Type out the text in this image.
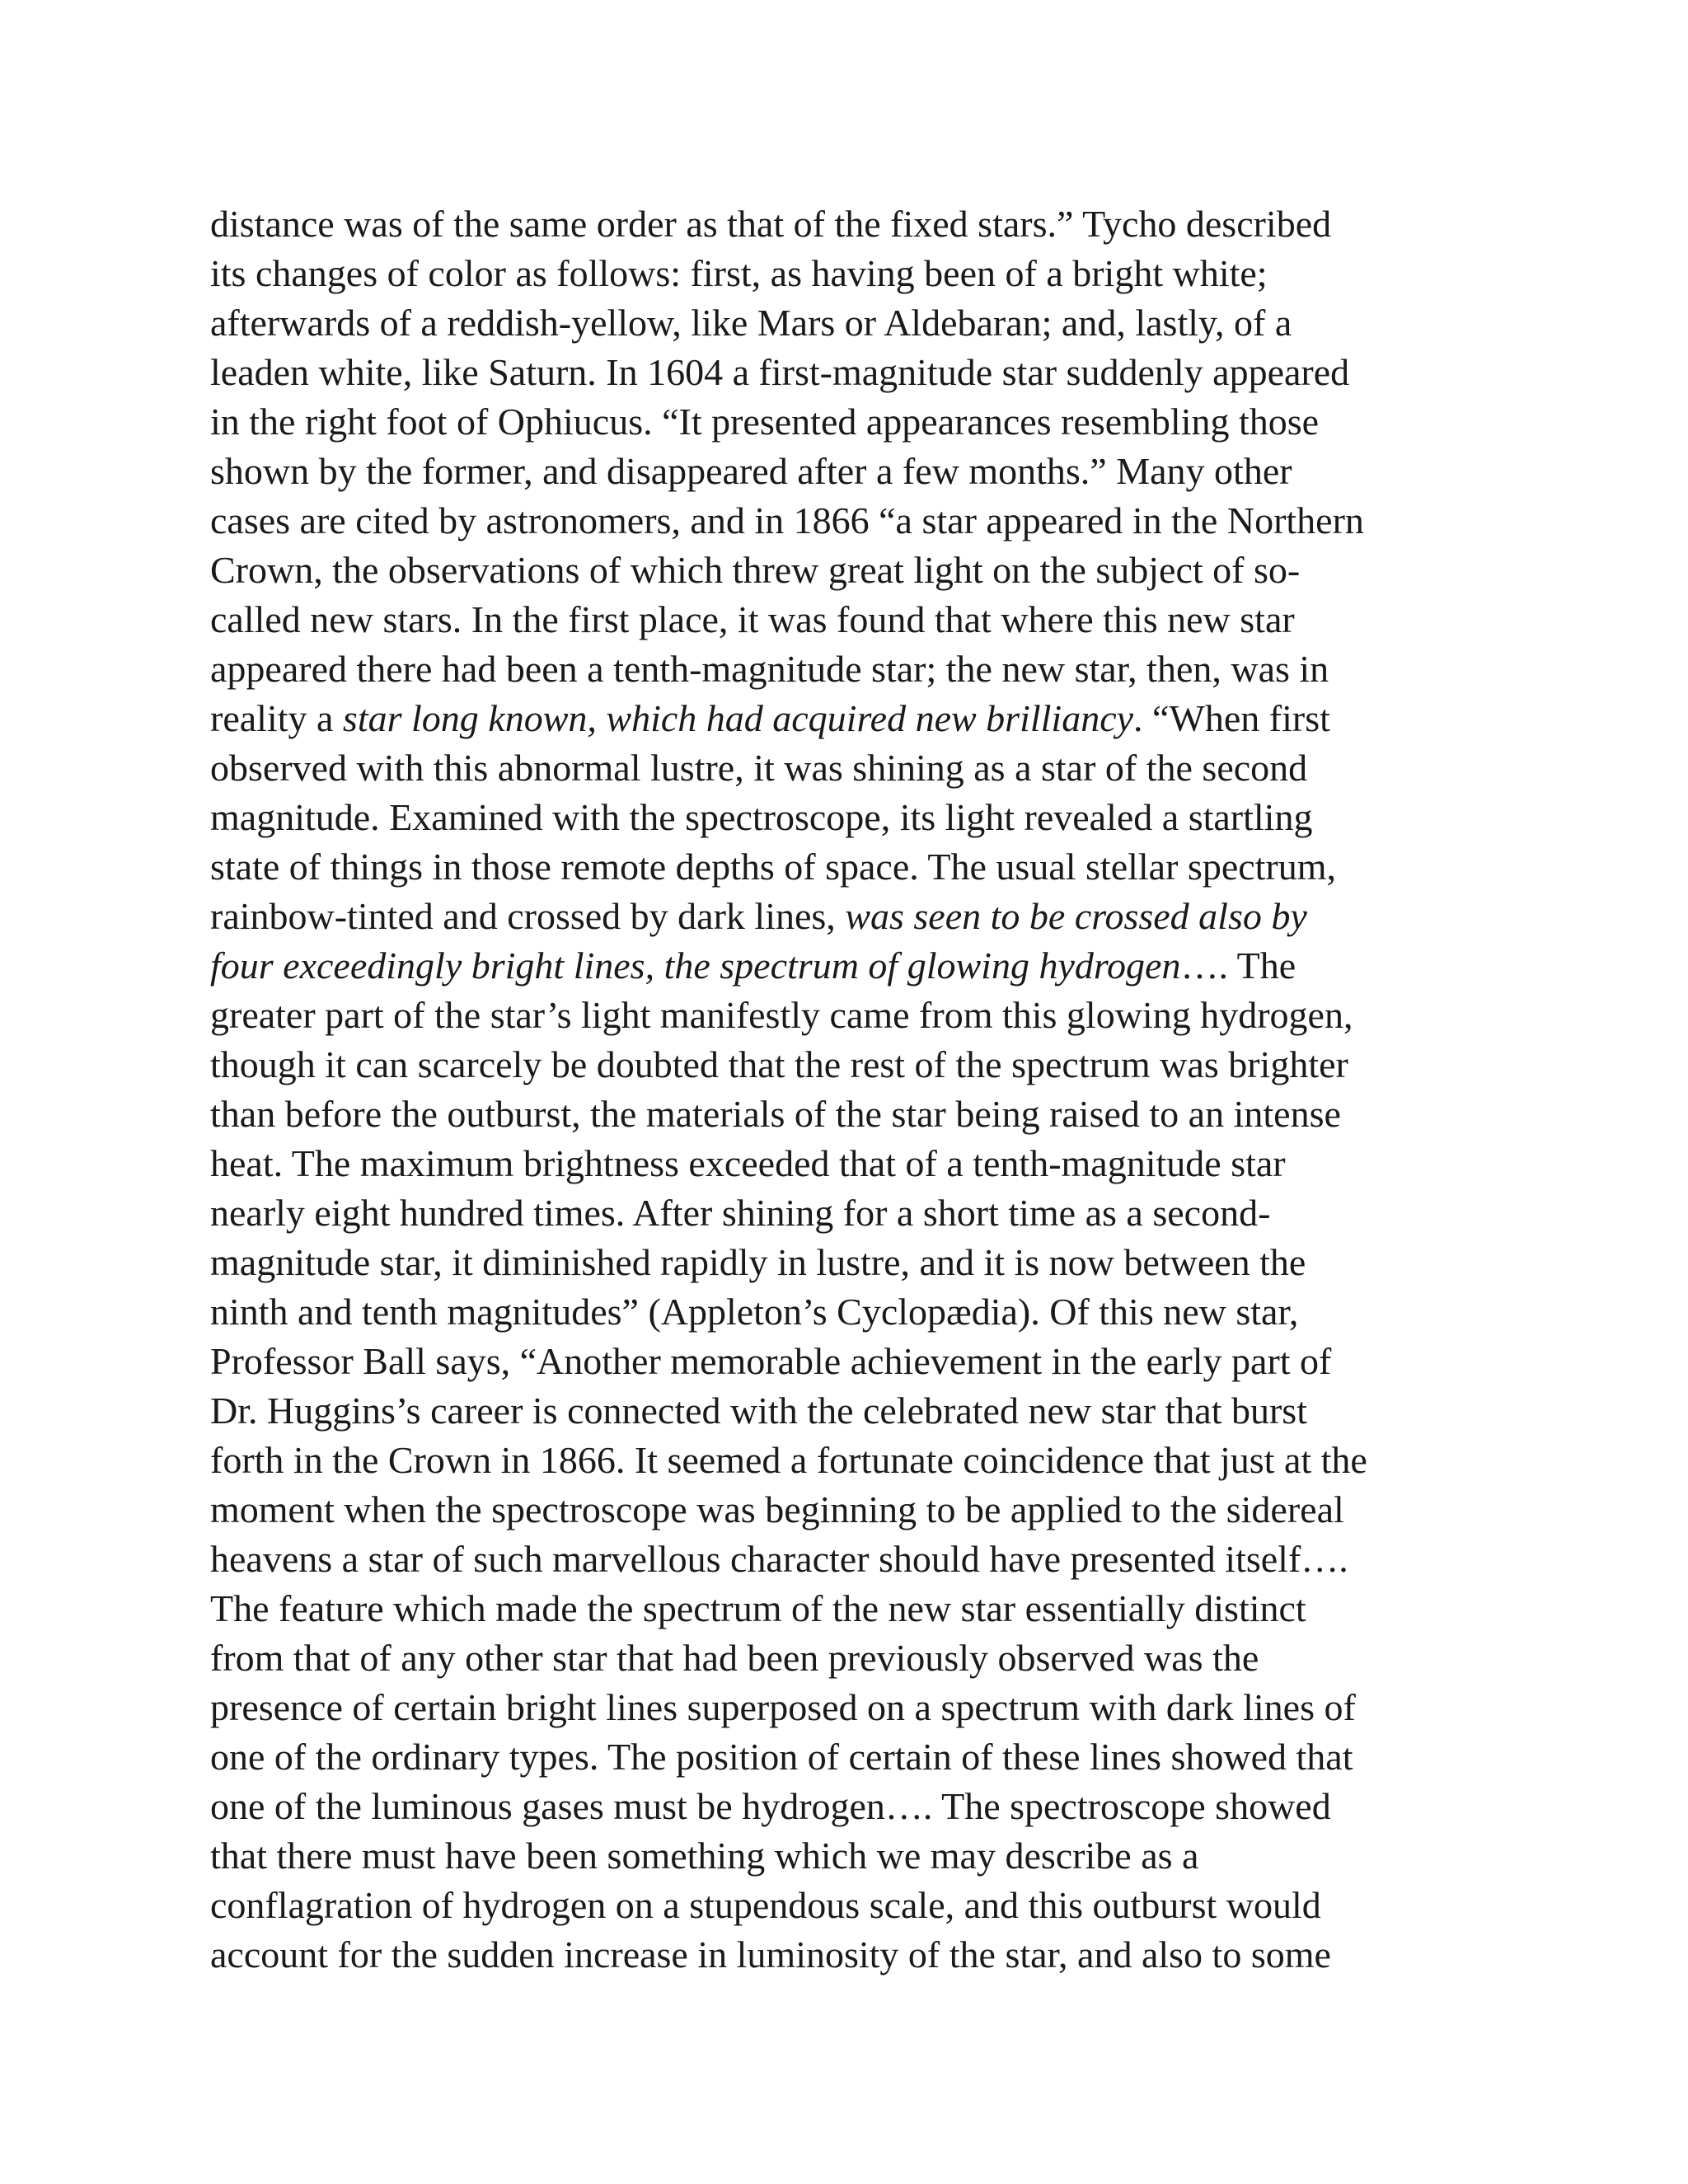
distance was of the same order as that of the fixed stars.” Tycho described
its changes of color as follows: first, as having been of a bright white;
afterwards of a reddish-yellow, like Mars or Aldebaran; and, lastly, of a
leaden white, like Saturn. In 1604 a first-magnitude star suddenly appeared
in the right foot of Ophiucus. “It presented appearances resembling those
shown by the former, and disappeared after a few months.” Many other
cases are cited by astronomers, and in 1866 “a star appeared in the Northern
Crown, the observations of which threw great light on the subject of so-
called new stars. In the first place, it was found that where this new star
appeared there had been a tenth-magnitude star; the new star, then, was in
reality a star long known, which had acquired new brilliancy. “When first
observed with this abnormal lustre, it was shining as a star of the second
magnitude. Examined with the spectroscope, its light revealed a startling
state of things in those remote depths of space. The usual stellar spectrum,
rainbow-tinted and crossed by dark lines, was seen to be crossed also by
four exceedingly bright lines, the spectrum of glowing hydrogen…. The
greater part of the star’s light manifestly came from this glowing hydrogen,
though it can scarcely be doubted that the rest of the spectrum was brighter
than before the outburst, the materials of the star being raised to an intense
heat. The maximum brightness exceeded that of a tenth-magnitude star
nearly eight hundred times. After shining for a short time as a second-
magnitude star, it diminished rapidly in lustre, and it is now between the
ninth and tenth magnitudes” (Appleton’s Cyclopædia). Of this new star,
Professor Ball says, “Another memorable achievement in the early part of
Dr. Huggins’s career is connected with the celebrated new star that burst
forth in the Crown in 1866. It seemed a fortunate coincidence that just at the
moment when the spectroscope was beginning to be applied to the sidereal
heavens a star of such marvellous character should have presented itself….
The feature which made the spectrum of the new star essentially distinct
from that of any other star that had been previously observed was the
presence of certain bright lines superposed on a spectrum with dark lines of
one of the ordinary types. The position of certain of these lines showed that
one of the luminous gases must be hydrogen…. The spectroscope showed
that there must have been something which we may describe as a
conflagration of hydrogen on a stupendous scale, and this outburst would
account for the sudden increase in luminosity of the star, and also to some
